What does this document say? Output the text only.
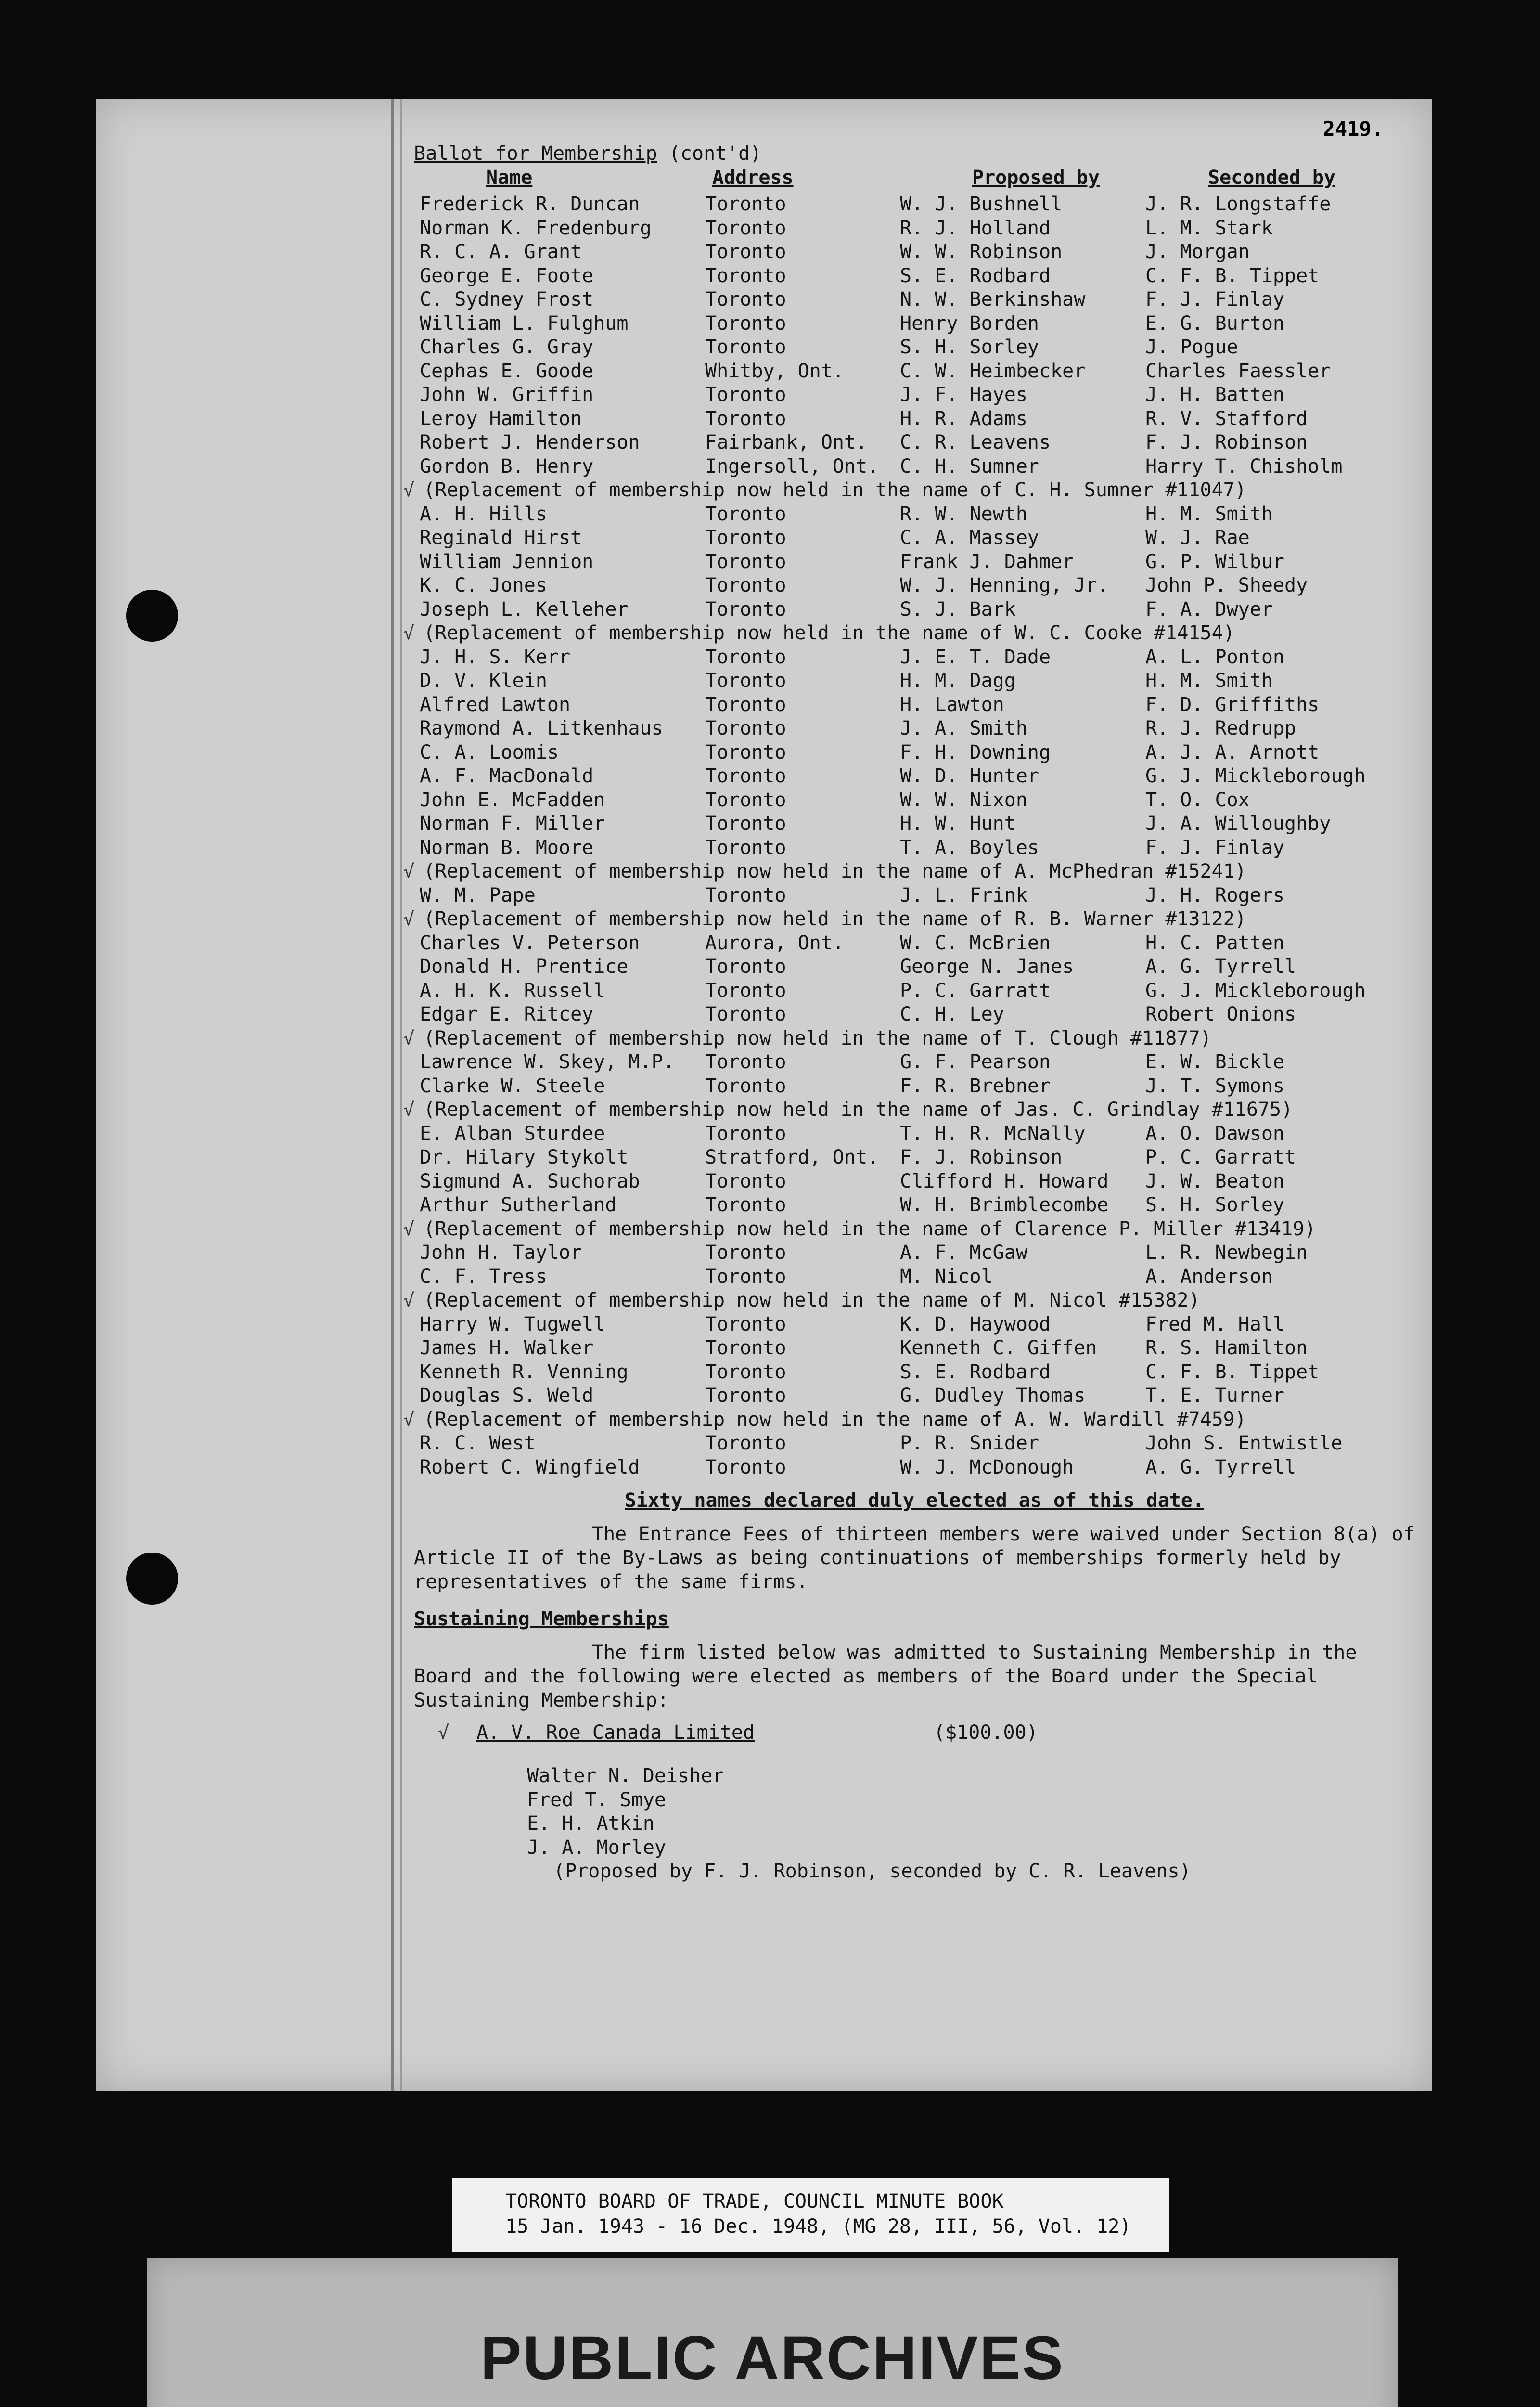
2419.
Ballot for Membership (cont'd)
Name	Address	Proposed by	Seconded by
Frederick R. Duncan	Toronto	W. J. Bushnell	J. R. Longstaffe
Norman K. Fredenburg	Toronto	R. J. Holland	L. M. Stark
R. C. A. Grant	Toronto	W. W. Robinson	J. Morgan
George E. Foote	Toronto	S. E. Rodbard	C. F. B. Tippet
C. Sydney Frost	Toronto	N. W. Berkinshaw	F. J. Finlay
William L. Fulghum	Toronto	Henry Borden	E. G. Burton
Charles G. Gray	Toronto	S. H. Sorley	J. Pogue
Cephas E. Goode	Whitby, Ont.	C. W. Heimbecker	Charles Faessler
John W. Griffin	Toronto	J. F. Hayes	J. H. Batten
Leroy Hamilton	Toronto	H. R. Adams	R. V. Stafford
Robert J. Henderson	Fairbank, Ont. C. R. Leavens	F. J. Robinson
Gordon B. Henry	Ingersoll, Ont. C. H. Sumner	Harry T. Chisholm
√ (Replacement of membership now held in the name of C. H. Sumner #11047)
A. H. Hills	Toronto	R. W. Newth	H. M. Smith
Reginald Hirst	Toronto	C. A. Massey	W. J. Rae
William Jennion	Toronto	Frank J. Dahmer	G. P. Wilbur
K. C. Jones	Toronto	W. J. Henning, Jr. John P. Sheedy
Joseph L. Kelleher	Toronto	S. J. Bark	F. A. Dwyer
√ (Replacement of membership now held in the name of W. C. Cooke #14154)
J. H. S. Kerr	Toronto	J. E. T. Dade	A. L. Ponton
D. V. Klein	Toronto	H. M. Dagg	H. M. Smith
Alfred Lawton	Toronto	H. Lawton	F. D. Griffiths
Raymond A. Litkenhaus Toronto	J. A. Smith	R. J. Redrupp
C. A. Loomis	Toronto	F. H. Downing	A. J. A. Arnott
A. F. MacDonald	Toronto	W. D. Hunter	G. J. Mickleborough
John E. McFadden	Toronto	W. W. Nixon	T. O. Cox
Norman F. Miller	Toronto	H. W. Hunt	J. A. Willoughby
Norman B. Moore	Toronto	T. A. Boyles	F. J. Finlay
√ (Replacement of membership now held in the name of A. McPhedran #15241)
W. M. Pape	Toronto	J. L. Frink	J. H. Rogers
√ (Replacement of membership now held in the name of R. B. Warner #13122)
Charles V. Peterson	Aurora, Ont.	W. C. McBrien	H. C. Patten
Donald H. Prentice	Toronto	George N. Janes	A. G. Tyrrell
A. H. K. Russell	Toronto	P. C. Garratt	G. J. Mickleborough
Edgar E. Ritcey	Toronto	C. H. Ley	Robert Onions
√ (Replacement of membership now held in the name of T. Clough #11877)
Lawrence W. Skey, M.P. Toronto	G. F. Pearson	E. W. Bickle
Clarke W. Steele	Toronto	F. R. Brebner	J. T. Symons
√ (Replacement of membership now held in the name of Jas. C. Grindlay #11675)
E. Alban Sturdee	Toronto	T. H. R. McNally	A. O. Dawson
Dr. Hilary Stykolt	Stratford, Ont. F. J. Robinson	P. C. Garratt
Sigmund A. Suchorab	Toronto	Clifford H. Howard J. W. Beaton
Arthur Sutherland	Toronto	W. H. Brimblecombe S. H. Sorley
√ (Replacement of membership now held in the name of Clarence P. Miller #13419)
John H. Taylor	Toronto	A. F. McGaw	L. R. Newbegin
C. F. Tress	Toronto	M. Nicol	A. Anderson
√ (Replacement of membership now held in the name of M. Nicol #15382)
Harry W. Tugwell	Toronto	K. D. Haywood	Fred M. Hall
James H. Walker	Toronto	Kenneth C. Giffen	R. S. Hamilton
Kenneth R. Venning	Toronto	S. E. Rodbard	C. F. B. Tippet
Douglas S. Weld	Toronto	G. Dudley Thomas	T. E. Turner
√ (Replacement of membership now held in the name of A. W. Wardill #7459)
R. C. West	Toronto	P. R. Snider	John S. Entwistle
Robert C. Wingfield	Toronto	W. J. McDonough	A. G. Tyrrell
Sixty names declared duly elected as of this date.
The Entrance Fees of thirteen members were waived under Section 8(a) of Article II of the By-Laws as being continuations of memberships formerly held by representatives of the same firms.
Sustaining Memberships
The firm listed below was admitted to Sustaining Membership in the Board and the following were elected as members of the Board under the Special Sustaining Membership:
√ A. V. Roe Canada Limited	($100.00)
Walter N. Deisher
Fred T. Smye
E. H. Atkin
J. A. Morley
(Proposed by F. J. Robinson, seconded by C. R. Leavens)
TORONTO BOARD OF TRADE, COUNCIL MINUTE BOOK
15 Jan. 1943 - 16 Dec. 1948, (MG 28, III, 56, Vol. 12)
PUBLIC ARCHIVES
